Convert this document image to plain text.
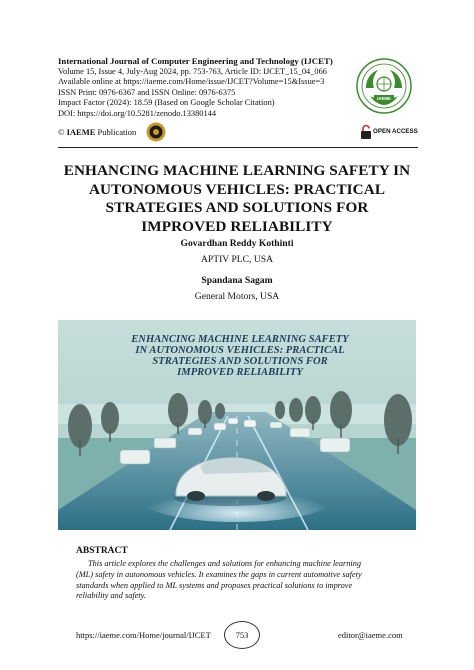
International Journal of Computer Engineering and Technology (IJCET)
Volume 15, Issue 4, July-Aug 2024, pp. 753-763, Article ID: IJCET_15_04_066
Available online at https://iaeme.com/Home/issue/IJCET?Volume=15&Issue=3
ISSN Print: 0976-6367 and ISSN Online: 0976-6375
Impact Factor (2024): 18.59 (Based on Google Scholar Citation)
DOI: https://doi.org/10.5281/zenodo.13380144
IAEME
© IAEME Publication	OPEN ACCESS
ENHANCING MACHINE LEARNING SAFETY IN
AUTONOMOUS VEHICLES: PRACTICAL
STRATEGIES AND SOLUTIONS FOR
IMPROVED RELIABILITY
Govardhan Reddy Kothinti
APTIV PLC, USA
Spandana Sagam
General Motors, USA
ENHANCING MACHINE LEARNING SAFETY
IN AUTONOMOUS VEHICLES: PRACTICAL
STRATEGIES AND SOLUTIONS FOR
IMPROVED RELIABILITY
ABSTRACT
This article explores the challenges and solutions for enhancing machine learning
(ML) safety in autonomous vehicles. It examines the gaps in current automotive safety
standards when applied to ML systems and proposes practical solutions to improve
reliability and safety.
https://iaeme.com/Home/journal/IJCET	753	editor@iaeme.com
